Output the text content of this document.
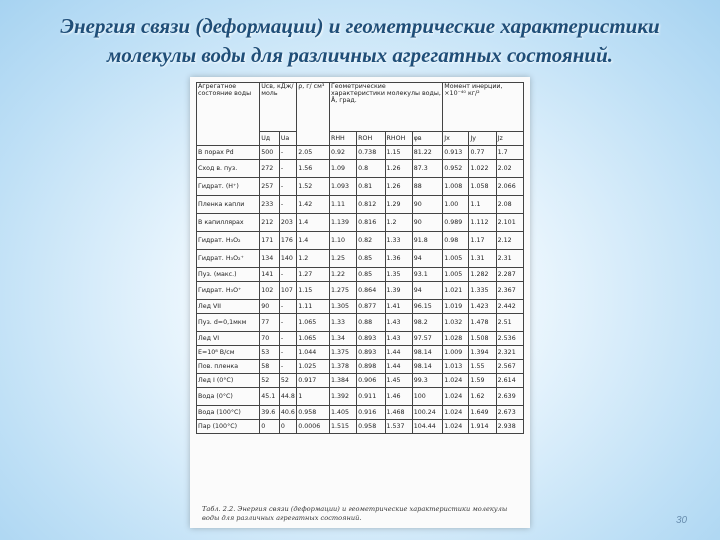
Энергия связи (деформации) и геометрические характеристики
молекулы воды для различных агрегатных состояний.
Агрегатное состояние воды	Uсв, кДж/ моль		ρ, г/ см³	Геометрические характеристики молекулы воды, Å, град.				Момент инерции, ×10⁻⁴⁰ кг/²		
	Uд	Uа		RНН	RОН	RНОН	φв	Jх	Jу	Jz
В порах Pd	500	-	2.05	0.92	0.738	1.15	81.22	0.913	0.77	1.7
Сход в. пуз.	272	-	1.56	1.09	0.8	1.26	87.3	0.952	1.022	2.02
Гидрат. (Н⁺)	257	-	1.52	1.093	0.81	1.26	88	1.008	1.058	2.066
Пленка капли	233	-	1.42	1.11	0.812	1.29	90	1.00	1.1	2.08
В капиллярах	212	203	1.4	1.139	0.816	1.2	90	0.989	1.112	2.101
Гидрат. Н₃О₂	171	176	1.4	1.10	0.82	1.33	91.8	0.98	1.17	2.12
Гидрат. Н₃О₂⁺	134	140	1.2	1.25	0.85	1.36	94	1.005	1.31	2.31
Пуз. (макс.)	141	-	1.27	1.22	0.85	1.35	93.1	1.005	1.282	2.287
Гидрат. Н₃О⁺	102	107	1.15	1.275	0.864	1.39	94	1.021	1.335	2.367
Лед VII	90	-	1.11	1.305	0.877	1.41	96.15	1.019	1.423	2.442
Пуз. d=0,1мкм	77	-	1.065	1.33	0.88	1.43	98.2	1.032	1.478	2.51
Лед VI	70	-	1.065	1.34	0.893	1.43	97.57	1.028	1.508	2.536
E=10⁸ В/см	53	-	1.044	1.375	0.893	1.44	98.14	1.009	1.394	2.321
Пов. пленка	58	-	1.025	1.378	0.898	1.44	98.14	1.013	1.55	2.567
Лед I (0°C)	52	52	0.917	1.384	0.906	1.45	99.3	1.024	1.59	2.614
Вода (0°C)	45.1	44.8	1	1.392	0.911	1.46	100	1.024	1.62	2.639
Вода (100°C)	39.6	40.6	0.958	1.405	0.916	1.468	100.24	1.024	1.649	2.673
Пар (100°C)	0	0	0.0006	1.515	0.958	1.537	104.44	1.024	1.914	2.938
Табл. 2.2. Энергия связи (деформации) и геометрические характеристики молекулы воды для различных агрегатных состояний.	30
